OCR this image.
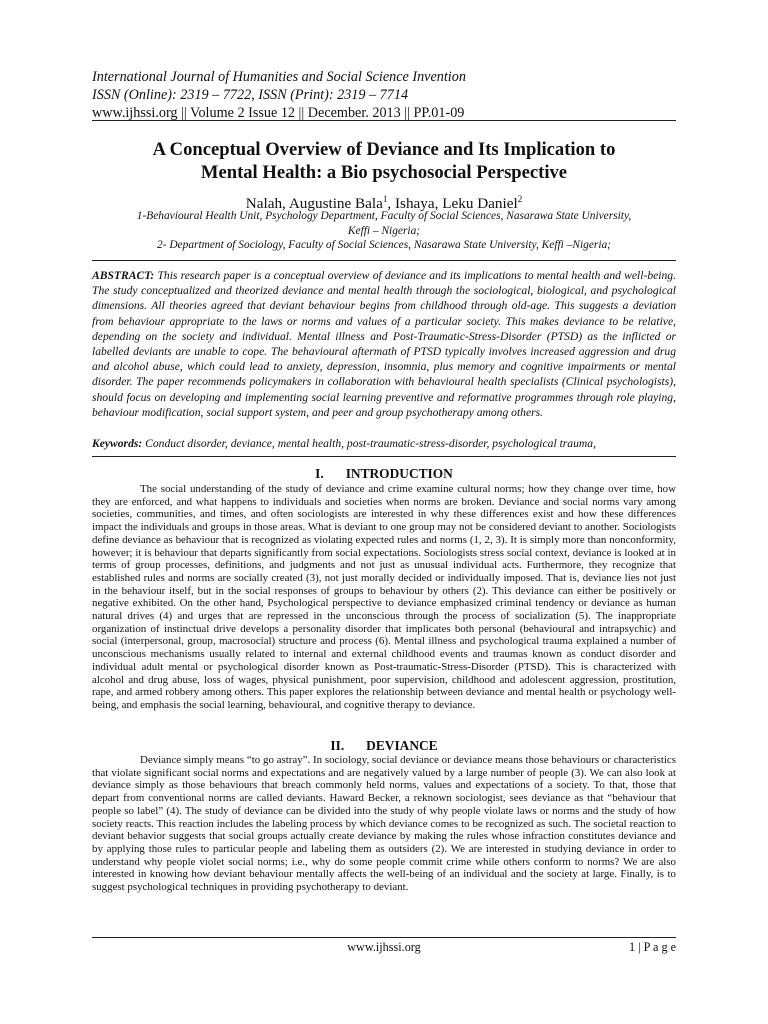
International Journal of Humanities and Social Science Invention
ISSN (Online): 2319 – 7722, ISSN (Print): 2319 – 7714
www.ijhssi.org || Volume 2 Issue 12 || December. 2013 || PP.01-09
A Conceptual Overview of Deviance and Its Implication to
Mental Health: a Bio psychosocial Perspective
Nalah, Augustine Bala$^1$, Ishaya, Leku Daniel$^2$
1-Behavioural Health Unit, Psychology Department, Faculty of Social Sciences, Nasarawa State University,
Keffi – Nigeria;
2- Department of Sociology, Faculty of Social Sciences, Nasarawa State University, Keffi –Nigeria;

ABSTRACT: This research paper is a conceptual overview of deviance and its implications to mental health and well-being. The study conceptualized and theorized deviance and mental health through the sociological, biological, and psychological dimensions. All theories agreed that deviant behaviour begins from childhood through old-age. This suggests a deviation from behaviour appropriate to the laws or norms and values of a particular society. This makes deviance to be relative, depending on the society and individual. Mental illness and Post-Traumatic-Stress-Disorder (PTSD) as the inflicted or labelled deviants are unable to cope. The behavioural aftermath of PTSD typically involves increased aggression and drug and alcohol abuse, which could lead to anxiety, depression, insomnia, plus memory and cognitive impairments or mental disorder. The paper recommends policymakers in collaboration with behavioural health specialists (Clinical psychologists), should focus on developing and implementing social learning preventive and reformative programmes through role playing, behaviour modification, social support system, and peer and group psychotherapy among others.

Keywords: Conduct disorder, deviance, mental health, post-traumatic-stress-disorder, psychological trauma,

I. INTRODUCTION

The social understanding of the study of deviance and crime examine cultural norms; how they change over time, how they are enforced, and what happens to individuals and societies when norms are broken. Deviance and social norms vary among societies, communities, and times, and often sociologists are interested in why these differences exist and how these differences impact the individuals and groups in those areas. What is deviant to one group may not be considered deviant to another. Sociologists define deviance as behaviour that is recognized as violating expected rules and norms (1, 2, 3). It is simply more than nonconformity, however; it is behaviour that departs significantly from social expectations. Sociologists stress social context, deviance is looked at in terms of group processes, definitions, and judgments and not just as unusual individual acts. Furthermore, they recognize that established rules and norms are socially created (3), not just morally decided or individually imposed. That is, deviance lies not just in the behaviour itself, but in the social responses of groups to behaviour by others (2). This deviance can either be positively or negative exhibited. On the other hand, Psychological perspective to deviance emphasized criminal tendency or deviance as human natural drives (4) and urges that are repressed in the unconscious through the process of socialization (5). The inappropriate organization of instinctual drive develops a personality disorder that implicates both personal (behavioural and intrapsychic) and social (interpersonal, group, macrosocial) structure and process (6). Mental illness and psychological trauma explained a number of unconscious mechanisms usually related to internal and external childhood events and traumas known as conduct disorder and individual adult mental or psychological disorder known as Post-traumatic-Stress-Disorder (PTSD). This is characterized with alcohol and drug abuse, loss of wages, physical punishment, poor supervision, childhood and adolescent aggression, prostitution, rape, and armed robbery among others. This paper explores the relationship between deviance and mental health or psychology well-being, and emphasis the social learning, behavioural, and cognitive therapy to deviance.

II. DEVIANCE

Deviance simply means “to go astray”. In sociology, social deviance or deviance means those behaviours or characteristics that violate significant social norms and expectations and are negatively valued by a large number of people (3). We can also look at deviance simply as those behaviours that breach commonly held norms, values and expectations of a society. To that, those that depart from conventional norms are called deviants. Haward Becker, a reknown sociologist, sees deviance as that “behaviour that people so label” (4). The study of deviance can be divided into the study of why people violate laws or norms and the study of how society reacts. This reaction includes the labeling process by which deviance comes to be recognized as such. The societal reaction to deviant behavior suggests that social groups actually create deviance by making the rules whose infraction constitutes deviance and by applying those rules to particular people and labeling them as outsiders (2). We are interested in studying deviance in order to understand why people violet social norms; i.e., why do some people commit crime while others conform to norms? We are also interested in knowing how deviant behaviour mentally affects the well-being of an individual and the society at large. Finally, is to suggest psychological techniques in providing psychotherapy to deviant.

www.ijhssi.org	1 | P a g e
